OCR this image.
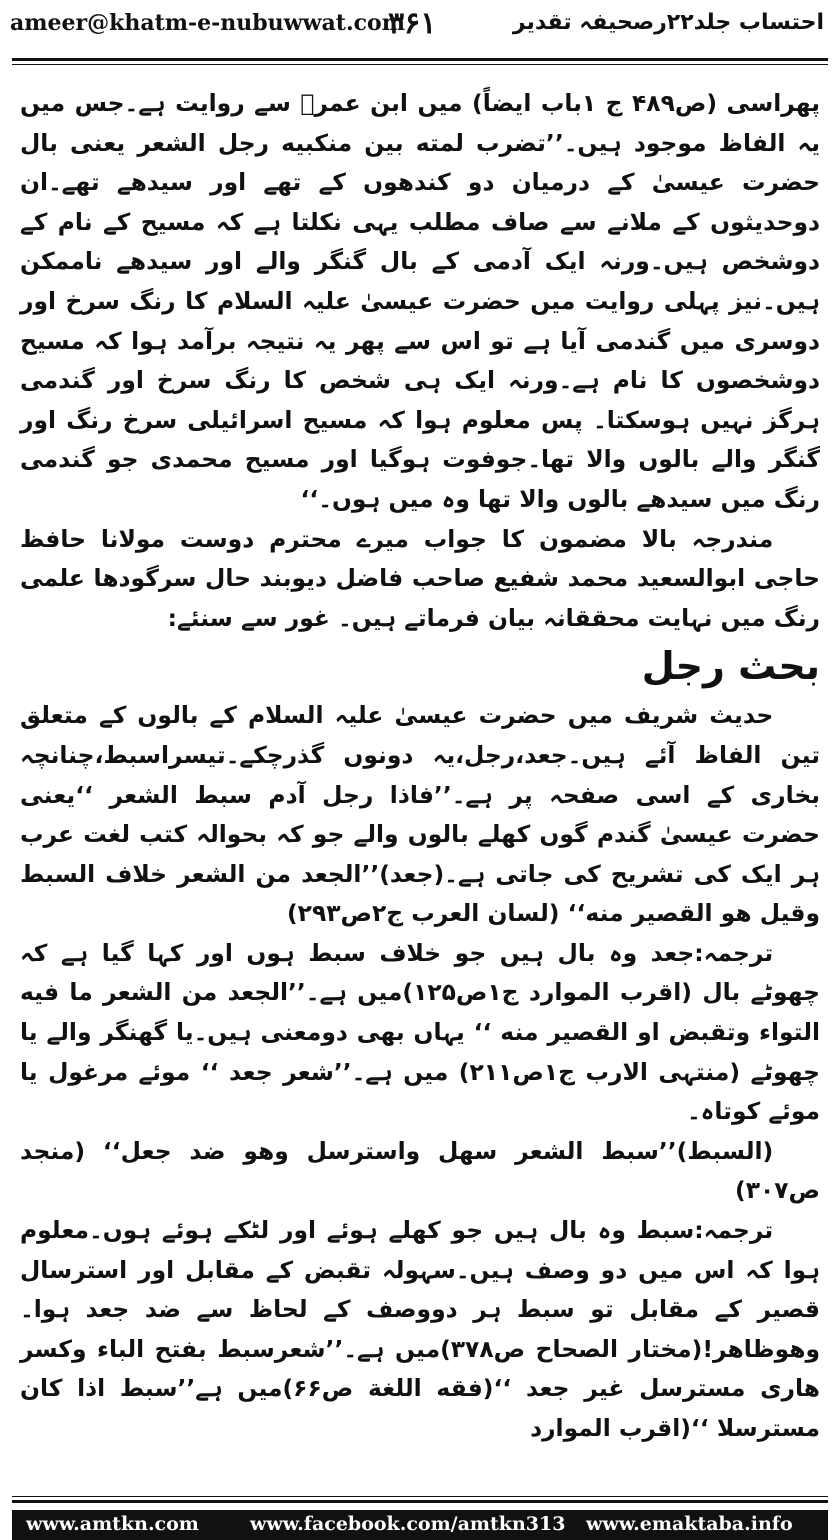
ameer@khatm-e-nubuwwat.com
۳۶۱	احتساب جلد۲۲رصحیفہ تقدیر

پھراسی (ص۴۸۹ ج ۱باب ایضاً) میں ابن عمرؓ سے روایت ہے۔جس میں یہ الفاظ موجود ہیں۔’’تضرب لمته بین منکبیه رجل الشعر یعنی بال حضرت عیسیٰ کے درمیان دو کندھوں کے تھے اور سیدھے تھے۔ان دوحدیثوں کے ملانے سے صاف مطلب یہی نکلتا ہے کہ مسیح کے نام کے دوشخص ہیں۔ورنہ ایک آدمی کے بال گنگر والے اور سیدھے ناممکن ہیں۔نیز پہلی روایت میں حضرت عیسیٰ علیہ السلام کا رنگ سرخ اور دوسری میں گندمی آیا ہے تو اس سے پھر یہ نتیجہ برآمد ہوا کہ مسیح دوشخصوں کا نام ہے۔ورنہ ایک ہی شخص کا رنگ سرخ اور گندمی ہرگز نہیں ہوسکتا۔ پس معلوم ہوا کہ مسیح اسرائیلی سرخ رنگ اور گنگر والے بالوں والا تھا۔جوفوت ہوگیا اور مسیح محمدی جو گندمی رنگ میں سیدھے بالوں والا تھا وہ میں ہوں۔‘‘

مندرجہ بالا مضمون کا جواب میرے محترم دوست مولانا حافظ حاجی ابوالسعید محمد شفیع صاحب فاضل دیوبند حال سرگودھا علمی رنگ میں نہایت محققانہ بیان فرماتے ہیں۔ غور سے سنئے:

بحث رجل

حدیث شریف میں حضرت عیسیٰ علیہ السلام کے بالوں کے متعلق تین الفاظ آئے ہیں۔جعد،رجل،یہ دونوں گذرچکے۔تیسراسبط،چنانچہ بخاری کے اسی صفحہ پر ہے۔’’فاذا رجل آدم سبط الشعر ‘‘یعنی حضرت عیسیٰ گندم گوں کھلے بالوں والے جو کہ بحوالہ کتب لغت عرب ہر ایک کی تشریح کی جاتی ہے۔(جعد)’’الجعد من الشعر خلاف السبط وقیل هو القصیر منه‘‘ (لسان العرب ج۲ص۲۹۳)

ترجمہ:جعد وہ بال ہیں جو خلاف سبط ہوں اور کہا گیا ہے کہ چھوٹے بال (اقرب الموارد ج۱ص۱۲۵)میں ہے۔’’الجعد من الشعر ما فیه التواء وتقبض او القصیر منه ‘‘ یہاں بھی دومعنی ہیں۔یا گھنگر والے یا چھوٹے (منتہی الارب ج۱ص۲۱۱) میں ہے۔’’شعر جعد ‘‘ موئے مرغول یا موئے کوتاہ۔

(السبط)’’سبط الشعر سهل واسترسل وهو ضد جعل‘‘ (منجد ص۳۰۷)

ترجمہ:سبط وہ بال ہیں جو کھلے ہوئے اور لٹکے ہوئے ہوں۔معلوم ہوا کہ اس میں دو وصف ہیں۔سہولہ تقبض کے مقابل اور استرسال قصیر کے مقابل تو سبط ہر دووصف کے لحاظ سے ضد جعد ہوا۔وهوظاهر!(مختار الصحاح ص۳۷۸)میں ہے۔’’شعرسبط بفتح الباء وکسر هاری مسترسل غیر جعد ‘‘(فقه اللغة ص۶۶)میں ہے’’سبط اذا کان مسترسلا ‘‘(اقرب الموارد

www.amtkn.com	www.facebook.com/amtkn313 www.emaktaba.info
